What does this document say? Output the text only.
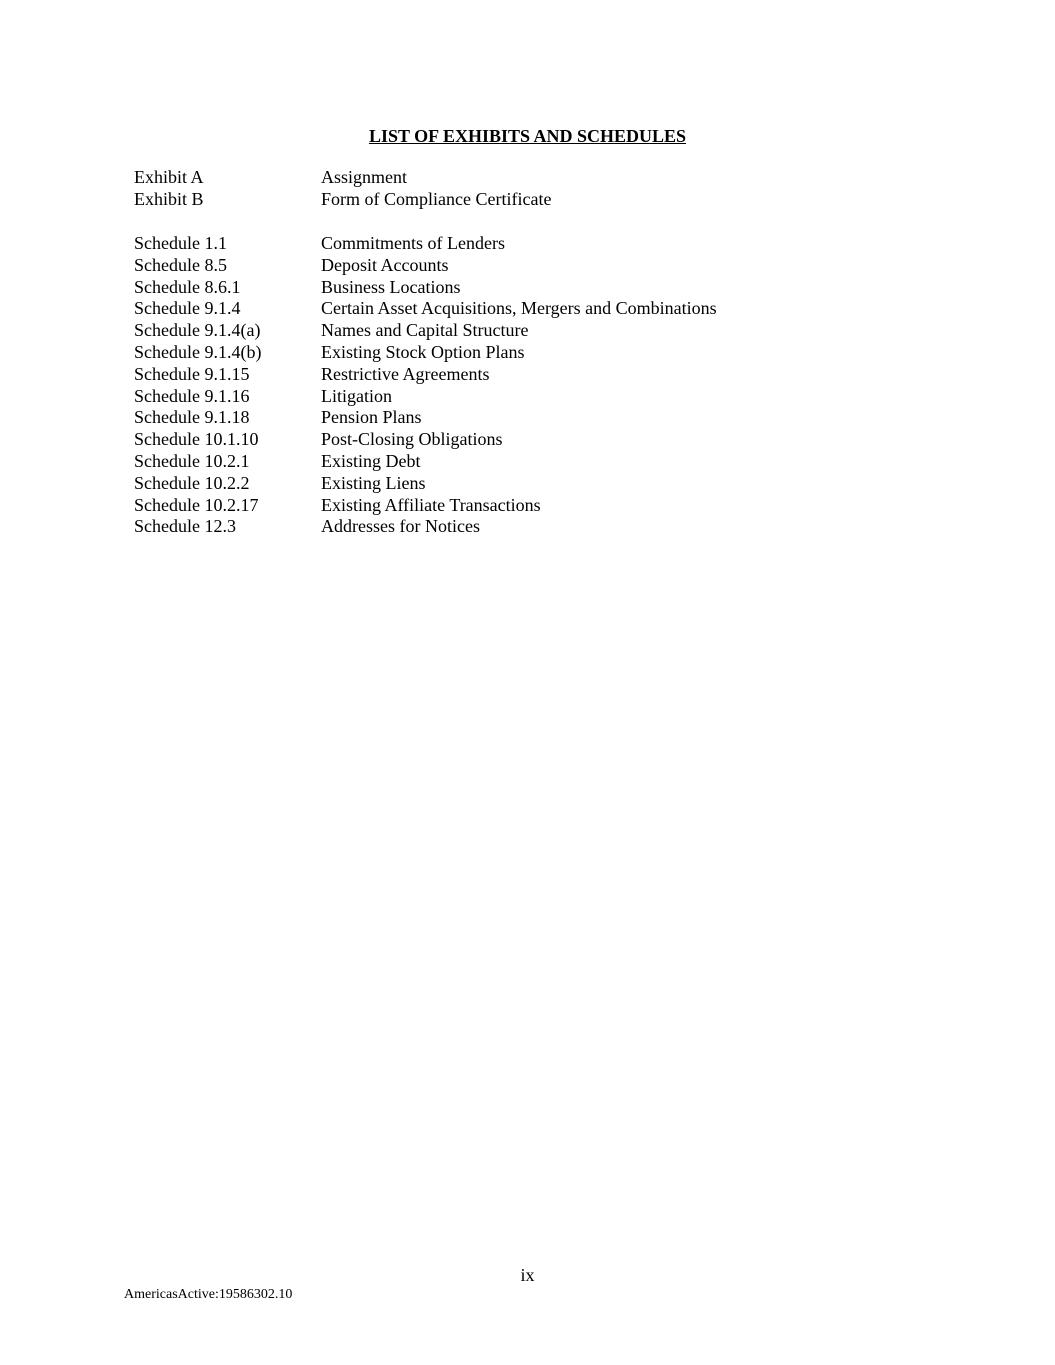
LIST OF EXHIBITS AND SCHEDULES
Exhibit A	Assignment
Exhibit B	Form of Compliance Certificate
Schedule 1.1	Commitments of Lenders
Schedule 8.5	Deposit Accounts
Schedule 8.6.1	Business Locations
Schedule 9.1.4	Certain Asset Acquisitions, Mergers and Combinations
Schedule 9.1.4(a)	Names and Capital Structure
Schedule 9.1.4(b)	Existing Stock Option Plans
Schedule 9.1.15	Restrictive Agreements
Schedule 9.1.16	Litigation
Schedule 9.1.18	Pension Plans
Schedule 10.1.10	Post-Closing Obligations
Schedule 10.2.1	Existing Debt
Schedule 10.2.2	Existing Liens
Schedule 10.2.17	Existing Affiliate Transactions
Schedule 12.3	Addresses for Notices
ix
AmericasActive:19586302.10
